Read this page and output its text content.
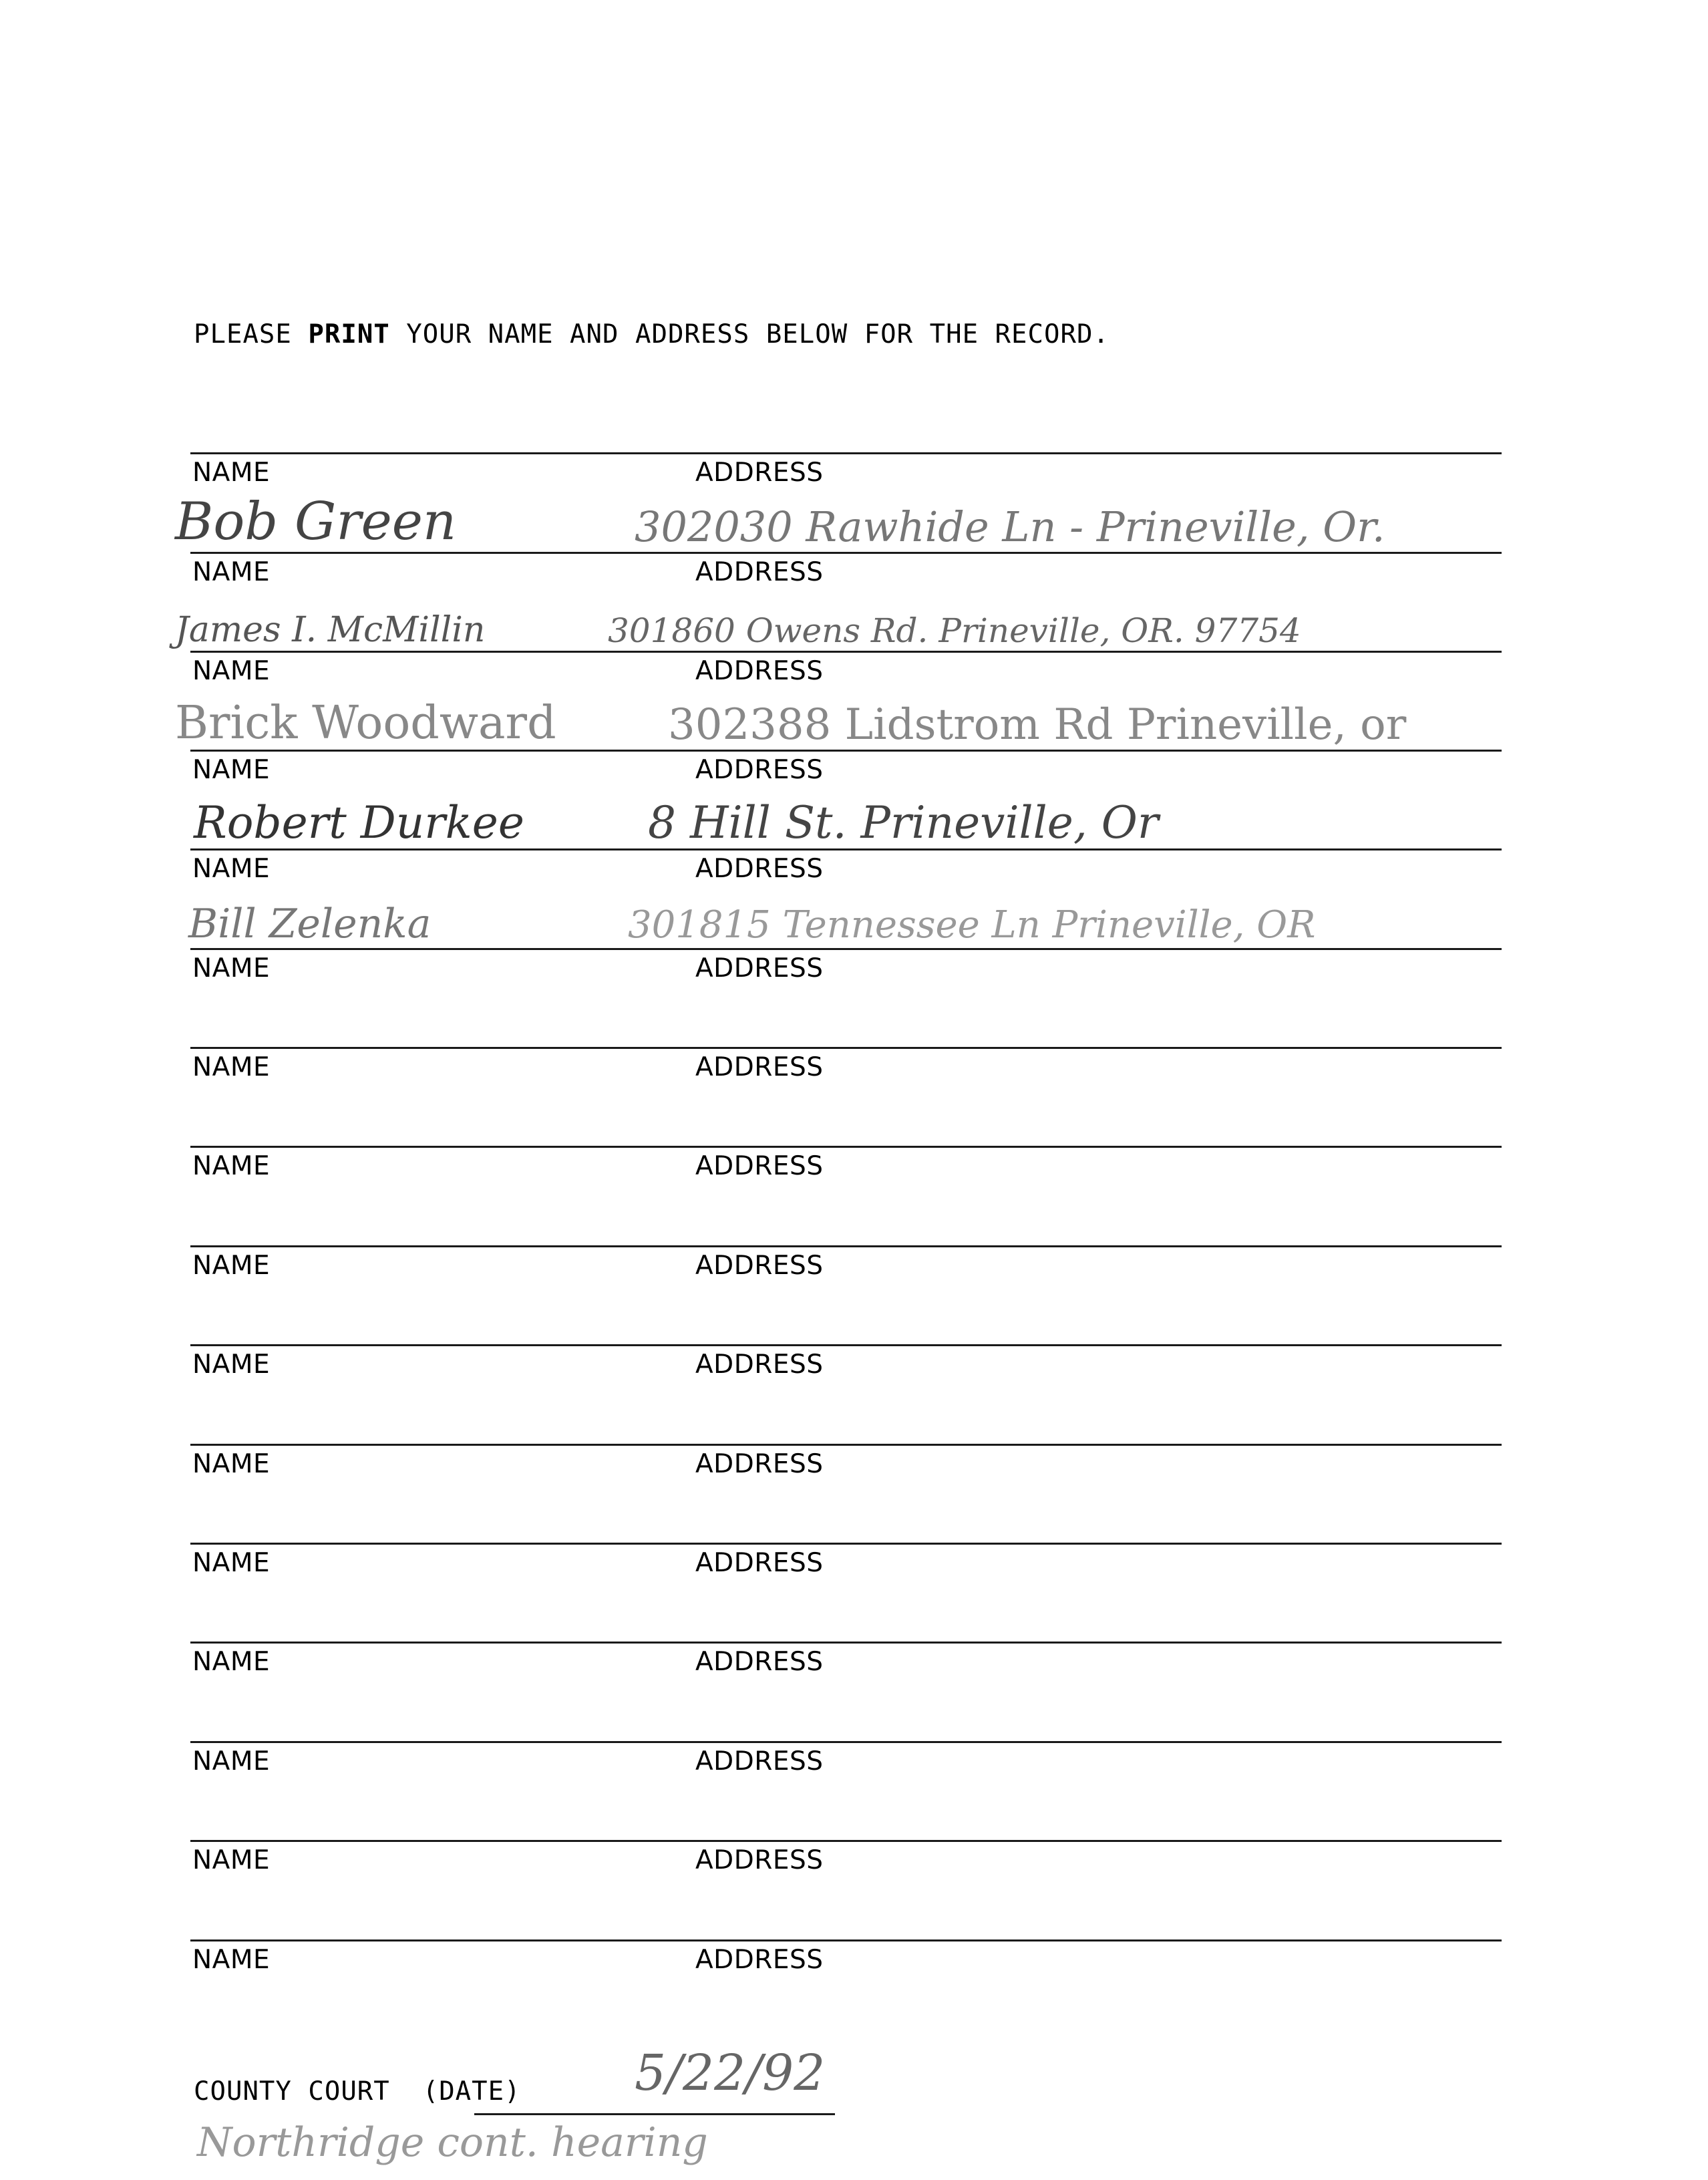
PLEASE PRINT YOUR NAME AND ADDRESS BELOW FOR THE RECORD.
Bob Green	302030 Rawhide Ln - Prineville, Or.
NAME	ADDRESS
James I. McMillin	301860 Owens Rd. Prineville, OR. 97754
NAME	ADDRESS
Brick Woodward	302388 Lidstrom Rd Prineville, or
NAME	ADDRESS
Robert Durkee	8 Hill St. Prineville, Or
NAME	ADDRESS
Bill Zelenka	301815 Tennessee Ln Prineville, OR
NAME	ADDRESS
NAME	ADDRESS
NAME	ADDRESS
NAME	ADDRESS
NAME	ADDRESS
NAME	ADDRESS
NAME	ADDRESS
NAME	ADDRESS
NAME	ADDRESS
NAME	ADDRESS
NAME	ADDRESS
NAME	ADDRESS
COUNTY COURT  (DATE) 5/22/92
Northridge cont. hearing
